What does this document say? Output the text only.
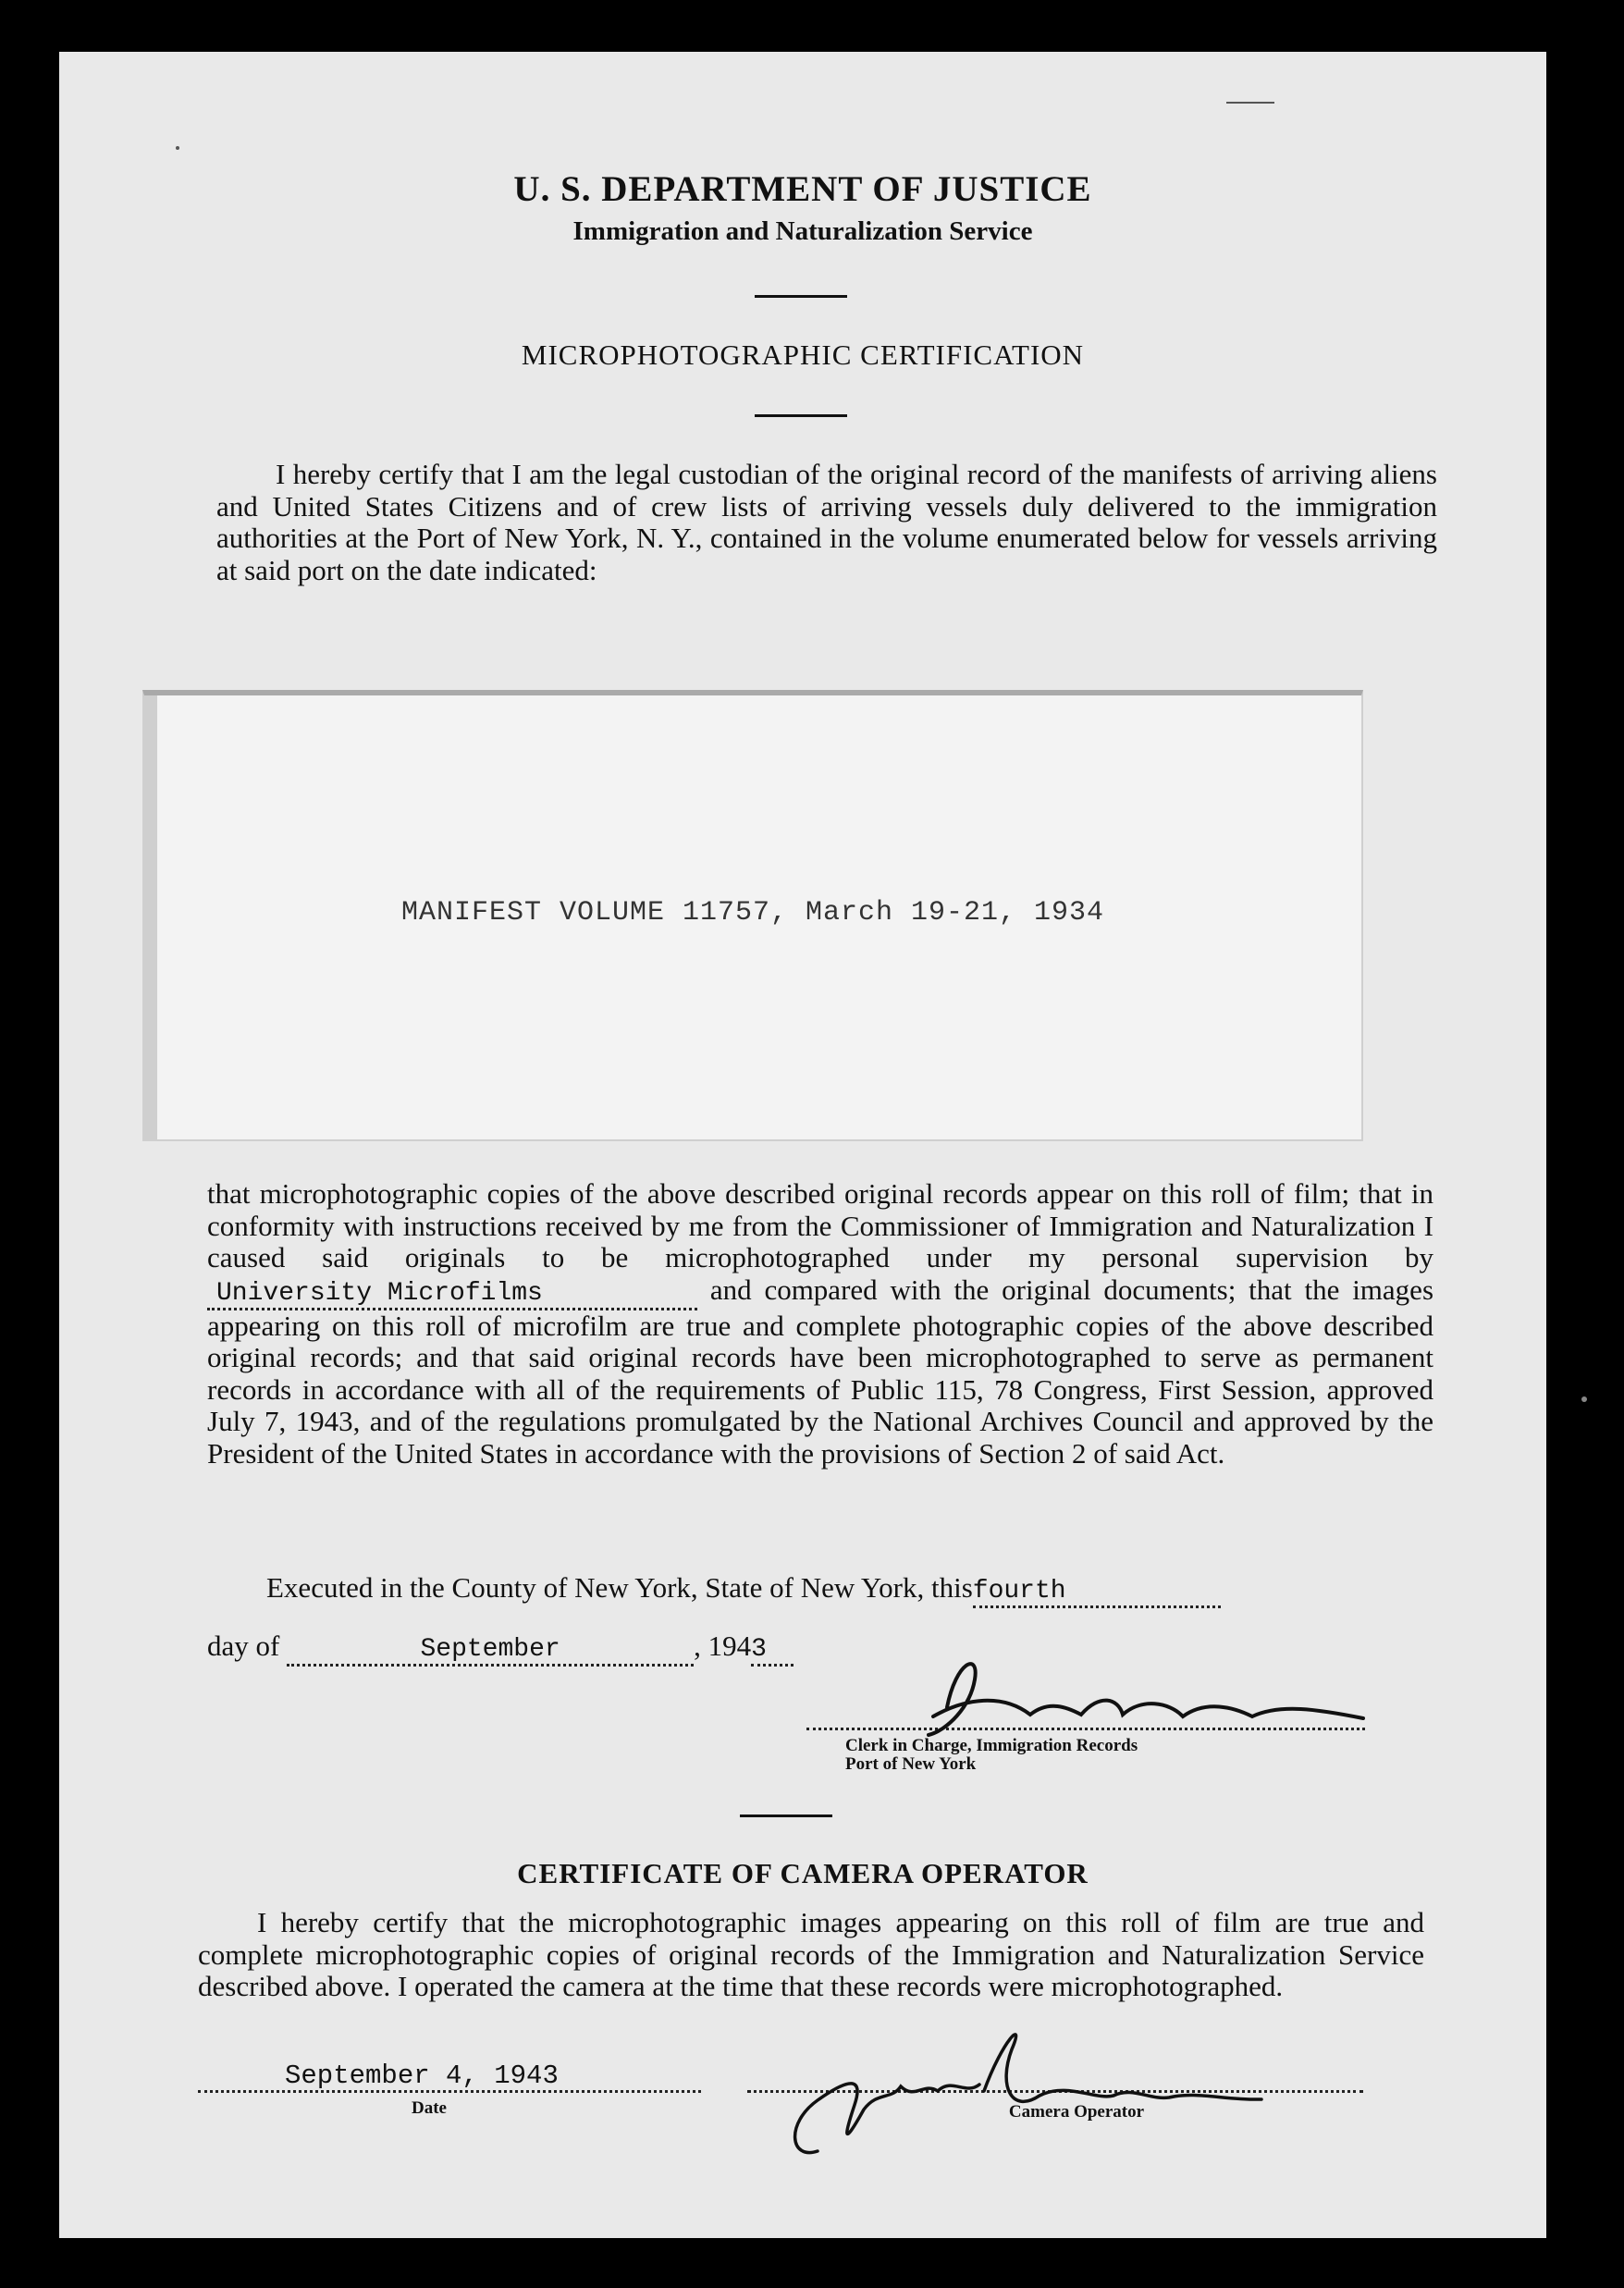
U. S. DEPARTMENT OF JUSTICE
Immigration and Naturalization Service
MICROPHOTOGRAPHIC CERTIFICATION
I hereby certify that I am the legal custodian of the original record of the manifests of arriving aliens and United States Citizens and of crew lists of arriving vessels duly delivered to the immigration authorities at the Port of New York, N. Y., contained in the volume enumerated below for vessels arriving at said port on the date indicated:
MANIFEST VOLUME 11757, March 19-21, 1934
that microphotographic copies of the above described original records appear on this roll of film; that in conformity with instructions received by me from the Commissioner of Immigration and Naturalization I caused said originals to be microphotographed under my personal supervision by University Microfilms	and compared with the original documents; that the images appearing on this roll of microfilm are true and complete photographic copies of the above described original records; and that said original records have been microphotographed to serve as permanent records in accordance with all of the requirements of Public 115, 78 Congress, First Session, approved July 7, 1943, and of the regulations promulgated by the National Archives Council and approved by the President of the United States in accordance with the provisions of Section 2 of said Act.
Executed in the County of New York, State of New York, thisfourth
day of	September	, 1943
Clerk in Charge, Immigration Records
Port of New York
CERTIFICATE OF CAMERA OPERATOR
I hereby certify that the microphotographic images appearing on this roll of film are true and complete microphotographic copies of original records of the Immigration and Naturalization Service described above. I operated the camera at the time that these records were microphotographed.
September 4, 1943
Date	Camera Operator
